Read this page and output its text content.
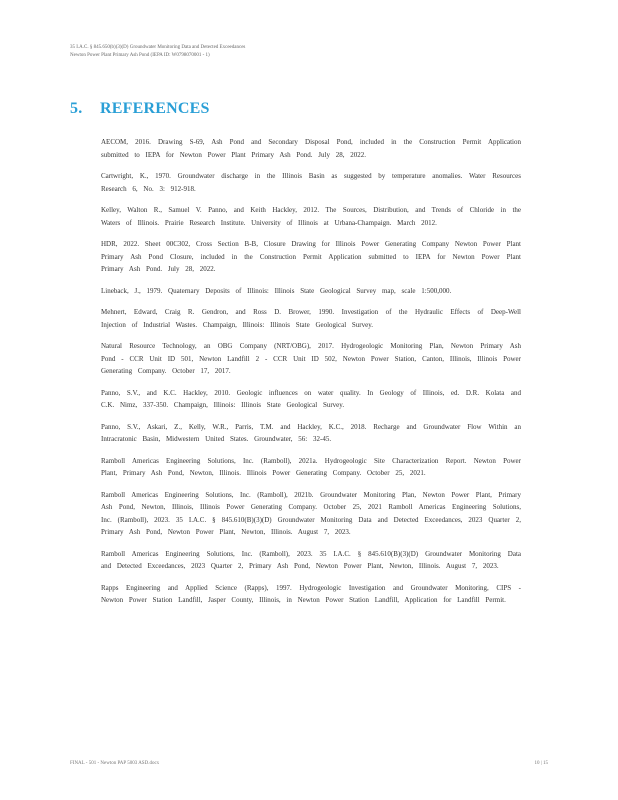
35 I.A.C. § 845.650(b)(3)(D) Groundwater Monitoring Data and Detected Exceedances
Newton Power Plant Primary Ash Pond (IEPA ID: W0798070001 - 1)
5. REFERENCES

AECOM, 2016. Drawing S-69, Ash Pond and Secondary Disposal Pond, included in the Construction Permit Application submitted to IEPA for Newton Power Plant Primary Ash Pond. July 28, 2022.

Cartwright, K., 1970. Groundwater discharge in the Illinois Basin as suggested by temperature anomalies. Water Resources Research 6, No. 3: 912-918.

Kelley, Walton R., Samuel V. Panno, and Keith Hackley, 2012. The Sources, Distribution, and Trends of Chloride in the Waters of Illinois. Prairie Research Institute. University of Illinois at Urbana-Champaign. March 2012.

HDR, 2022. Sheet 00C302, Cross Section B-B, Closure Drawing for Illinois Power Generating Company Newton Power Plant Primary Ash Pond Closure, included in the Construction Permit Application submitted to IEPA for Newton Power Plant Primary Ash Pond. July 28, 2022.

Lineback, J., 1979. Quaternary Deposits of Illinois: Illinois State Geological Survey map, scale 1:500,000.

Mehnert, Edward, Craig R. Gendron, and Ross D. Brower, 1990. Investigation of the Hydraulic Effects of Deep-Well Injection of Industrial Wastes. Champaign, Illinois: Illinois State Geological Survey.

Natural Resource Technology, an OBG Company (NRT/OBG), 2017. Hydrogeologic Monitoring Plan, Newton Primary Ash Pond - CCR Unit ID 501, Newton Landfill 2 - CCR Unit ID 502, Newton Power Station, Canton, Illinois, Illinois Power Generating Company. October 17, 2017.

Panno, S.V., and K.C. Hackley, 2010. Geologic influences on water quality. In Geology of Illinois, ed. D.R. Kolata and C.K. Nimz, 337-350. Champaign, Illinois: Illinois State Geological Survey.

Panno, S.V., Askari, Z., Kelly, W.R., Parris, T.M. and Hackley, K.C., 2018. Recharge and Groundwater Flow Within an Intracratonic Basin, Midwestern United States. Groundwater, 56: 32-45.

Ramboll Americas Engineering Solutions, Inc. (Ramboll), 2021a. Hydrogeologic Site Characterization Report. Newton Power Plant, Primary Ash Pond, Newton, Illinois. Illinois Power Generating Company. October 25, 2021.

Ramboll Americas Engineering Solutions, Inc. (Ramboll), 2021b. Groundwater Monitoring Plan, Newton Power Plant, Primary Ash Pond, Newton, Illinois, Illinois Power Generating Company. October 25, 2021 Ramboll Americas Engineering Solutions, Inc. (Ramboll), 2023. 35 I.A.C. § 845.610(B)(3)(D) Groundwater Monitoring Data and Detected Exceedances, 2023 Quarter 2, Primary Ash Pond, Newton Power Plant, Newton, Illinois. August 7, 2023.

Ramboll Americas Engineering Solutions, Inc. (Ramboll), 2023. 35 I.A.C. § 845.610(B)(3)(D) Groundwater Monitoring Data and Detected Exceedances, 2023 Quarter 2, Primary Ash Pond, Newton Power Plant, Newton, Illinois. August 7, 2023.

Rapps Engineering and Applied Science (Rapps), 1997. Hydrogeologic Investigation and Groundwater Monitoring, CIPS - Newton Power Station Landfill, Jasper County, Illinois, in Newton Power Station Landfill, Application for Landfill Permit.

FINAL - 501 - Newton PAP 5003 ASD.docx	10 | 15
